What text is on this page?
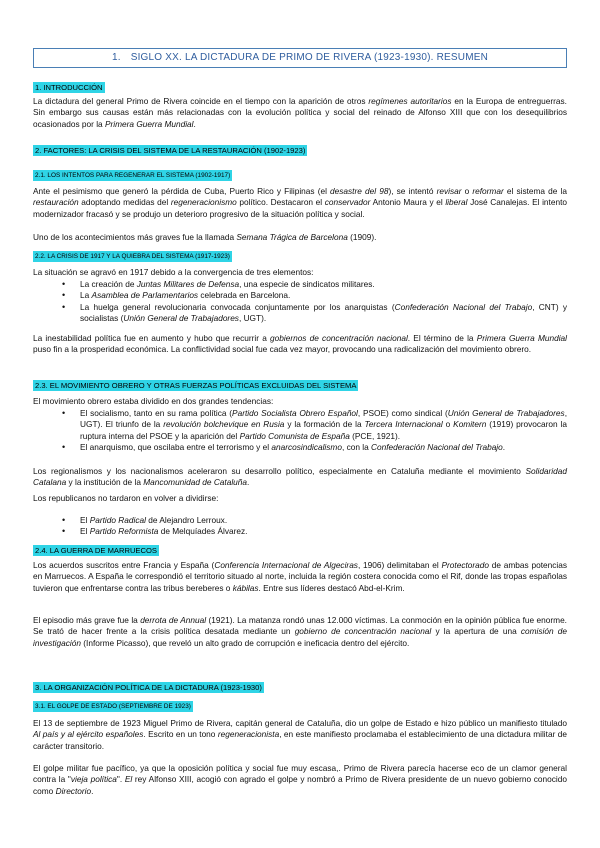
1. SIGLO XX. LA DICTADURA DE PRIMO DE RIVERA (1923-1930). RESUMEN
1. INTRODUCCIÓN
La dictadura del general Primo de Rivera coincide en el tiempo con la aparición de otros regímenes autoritarios en la Europa de entreguerras. Sin embargo sus causas están más relacionadas con la evolución política y social del reinado de Alfonso XIII que con los desequilibrios ocasionados por la Primera Guerra Mundial.
2. FACTORES: LA CRISIS DEL SISTEMA DE LA RESTAURACIÓN (1902-1923)
2.1. LOS INTENTOS PARA REGENERAR EL SISTEMA (1902-1917)
Ante el pesimismo que generó la pérdida de Cuba, Puerto Rico y Filipinas (el desastre del 98), se intentó revisar o reformar el sistema de la restauración adoptando medidas del regeneracionismo político. Destacaron el conservador Antonio Maura y el liberal José Canalejas. El intento modernizador fracasó y se produjo un deterioro progresivo de la situación política y social.
Uno de los acontecimientos más graves fue la llamada Semana Trágica de Barcelona (1909).
2.2. LA CRISIS DE 1917 Y LA QUIEBRA DEL SISTEMA (1917-1923)
La situación se agravó en 1917 debido a la convergencia de tres elementos:
• La creación de Juntas Militares de Defensa, una especie de sindicatos militares.
• La Asamblea de Parlamentarios celebrada en Barcelona.
• La huelga general revolucionaria convocada conjuntamente por los anarquistas (Confederación Nacional del Trabajo, CNT) y socialistas (Unión General de Trabajadores, UGT).
La inestabilidad política fue en aumento y hubo que recurrir a gobiernos de concentración nacional. El término de la Primera Guerra Mundial puso fin a la prosperidad económica. La conflictividad social fue cada vez mayor, provocando una radicalización del movimiento obrero.
2.3. EL MOVIMIENTO OBRERO Y OTRAS FUERZAS POLÍTICAS EXCLUIDAS DEL SISTEMA
El movimiento obrero estaba dividido en dos grandes tendencias:
• El socialismo, tanto en su rama política (Partido Socialista Obrero Español, PSOE) como sindical (Unión General de Trabajadores, UGT). El triunfo de la revolución bolchevique en Rusia y la formación de la Tercera Internacional o Komitern (1919) provocaron la ruptura interna del PSOE y la aparición del Partido Comunista de España (PCE, 1921).
• El anarquismo, que oscilaba entre el terrorismo y el anarcosindicalismo, con la Confederación Nacional del Trabajo.
Los regionalismos y los nacionalismos aceleraron su desarrollo político, especialmente en Cataluña mediante el movimiento Solidaridad Catalana y la institución de la Mancomunidad de Cataluña.
Los republicanos no tardaron en volver a dividirse:
• El Partido Radical de Alejandro Lerroux.
• El Partido Reformista de Melquíades Álvarez.
2.4. LA GUERRA DE MARRUECOS
Los acuerdos suscritos entre Francia y España (Conferencia Internacional de Algeciras, 1906) delimitaban el Protectorado de ambas potencias en Marruecos. A España le correspondió el territorio situado al norte, incluida la región costera conocida como el Rif, donde las tropas españolas tuvieron que enfrentarse contra las tribus bereberes o kábilas. Entre sus líderes destacó Abd-el-Krim.
El episodio más grave fue la derrota de Annual (1921). La matanza rondó unas 12.000 víctimas. La conmoción en la opinión pública fue enorme. Se trató de hacer frente a la crisis política desatada mediante un gobierno de concentración nacional y la apertura de una comisión de investigación (Informe Picasso), que reveló un alto grado de corrupción e ineficacia dentro del ejército.
3. LA ORGANIZACIÓN POLÍTICA DE LA DICTADURA (1923-1930)
3.1. EL GOLPE DE ESTADO (SEPTIEMBRE DE 1923)
El 13 de septiembre de 1923 Miguel Primo de Rivera, capitán general de Cataluña, dio un golpe de Estado e hizo público un manifiesto titulado Al país y al ejército españoles. Escrito en un tono regeneracionista, en este manifiesto proclamaba el establecimiento de una dictadura militar de carácter transitorio.
El golpe militar fue pacífico, ya que la oposición política y social fue muy escasa,. Primo de Rivera parecía hacerse eco de un clamor general contra la "vieja política". El rey Alfonso XIII, acogió con agrado el golpe y nombró a Primo de Rivera presidente de un nuevo gobierno conocido como Directorio.
